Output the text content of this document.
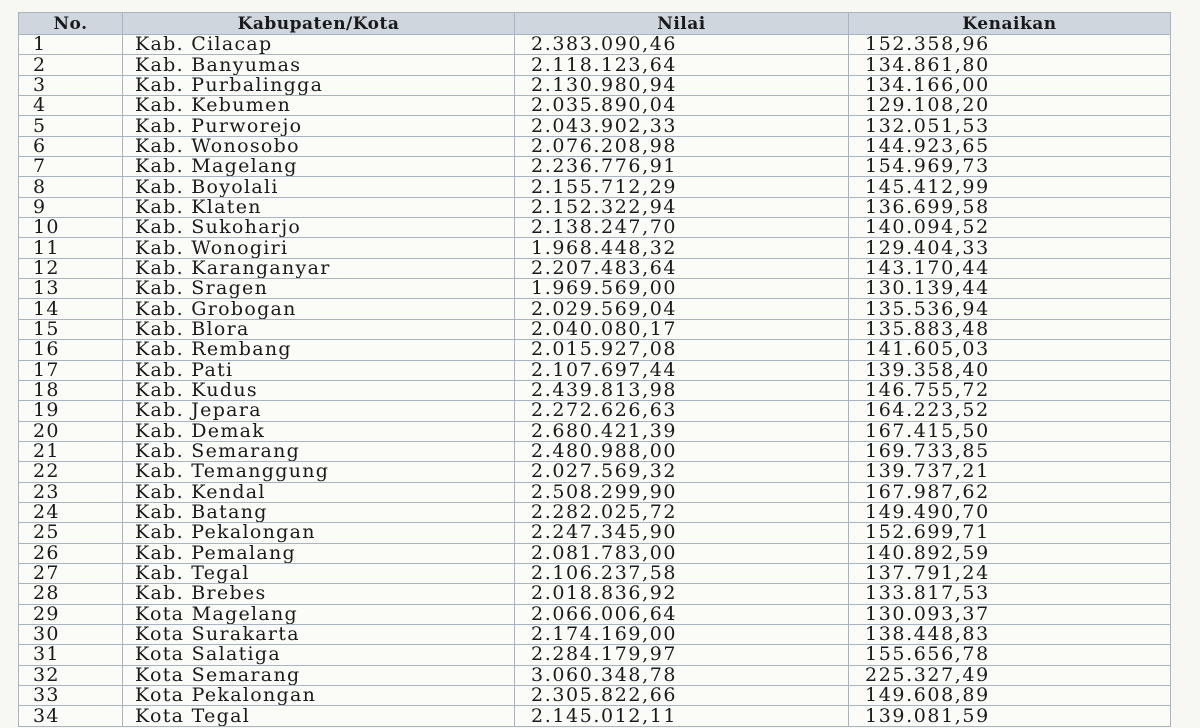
No.	Kabupaten/Kota	Nilai	Kenaikan
1	Kab. Cilacap	2.383.090,46	152.358,96
2	Kab. Banyumas	2.118.123,64	134.861,80
3	Kab. Purbalingga	2.130.980,94	134.166,00
4	Kab. Kebumen	2.035.890,04	129.108,20
5	Kab. Purworejo	2.043.902,33	132.051,53
6	Kab. Wonosobo	2.076.208,98	144.923,65
7	Kab. Magelang	2.236.776,91	154.969,73
8	Kab. Boyolali	2.155.712,29	145.412,99
9	Kab. Klaten	2.152.322,94	136.699,58
10	Kab. Sukoharjo	2.138.247,70	140.094,52
11	Kab. Wonogiri	1.968.448,32	129.404,33
12	Kab. Karanganyar	2.207.483,64	143.170,44
13	Kab. Sragen	1.969.569,00	130.139,44
14	Kab. Grobogan	2.029.569,04	135.536,94
15	Kab. Blora	2.040.080,17	135.883,48
16	Kab. Rembang	2.015.927,08	141.605,03
17	Kab. Pati	2.107.697,44	139.358,40
18	Kab. Kudus	2.439.813,98	146.755,72
19	Kab. Jepara	2.272.626,63	164.223,52
20	Kab. Demak	2.680.421,39	167.415,50
21	Kab. Semarang	2.480.988,00	169.733,85
22	Kab. Temanggung	2.027.569,32	139.737,21
23	Kab. Kendal	2.508.299,90	167.987,62
24	Kab. Batang	2.282.025,72	149.490,70
25	Kab. Pekalongan	2.247.345,90	152.699,71
26	Kab. Pemalang	2.081.783,00	140.892,59
27	Kab. Tegal	2.106.237,58	137.791,24
28	Kab. Brebes	2.018.836,92	133.817,53
29	Kota Magelang	2.066.006,64	130.093,37
30	Kota Surakarta	2.174.169,00	138.448,83
31	Kota Salatiga	2.284.179,97	155.656,78
32	Kota Semarang	3.060.348,78	225.327,49
33	Kota Pekalongan	2.305.822,66	149.608,89
34	Kota Tegal	2.145.012,11	139.081,59
